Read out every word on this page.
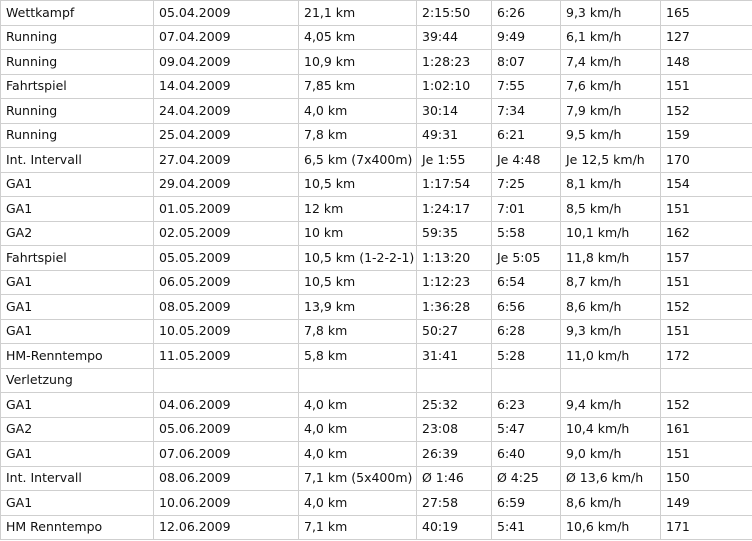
Wettkampf	05.04.2009	21,1 km	2:15:50	6:26	9,3 km/h	165
Running	07.04.2009	4,05 km	39:44	9:49	6,1 km/h	127
Running	09.04.2009	10,9 km	1:28:23	8:07	7,4 km/h	148
Fahrtspiel	14.04.2009	7,85 km	1:02:10	7:55	7,6 km/h	151
Running	24.04.2009	4,0 km	30:14	7:34	7,9 km/h	152
Running	25.04.2009	7,8 km	49:31	6:21	9,5 km/h	159
Int. Intervall	27.04.2009	6,5 km (7x400m)	Je 1:55	Je 4:48	Je 12,5 km/h	170
GA1	29.04.2009	10,5 km	1:17:54	7:25	8,1 km/h	154
GA1	01.05.2009	12 km	1:24:17	7:01	8,5 km/h	151
GA2	02.05.2009	10 km	59:35	5:58	10,1 km/h	162
Fahrtspiel	05.05.2009	10,5 km (1-2-2-1)	1:13:20	Je 5:05	11,8 km/h	157
GA1	06.05.2009	10,5 km	1:12:23	6:54	8,7 km/h	151
GA1	08.05.2009	13,9 km	1:36:28	6:56	8,6 km/h	152
GA1	10.05.2009	7,8 km	50:27	6:28	9,3 km/h	151
HM-Renntempo	11.05.2009	5,8 km	31:41	5:28	11,0 km/h	172
Verletzung						
GA1	04.06.2009	4,0 km	25:32	6:23	9,4 km/h	152
GA2	05.06.2009	4,0 km	23:08	5:47	10,4 km/h	161
GA1	07.06.2009	4,0 km	26:39	6:40	9,0 km/h	151
Int. Intervall	08.06.2009	7,1 km (5x400m)	Ø 1:46	Ø 4:25	Ø 13,6 km/h	150
GA1	10.06.2009	4,0 km	27:58	6:59	8,6 km/h	149
HM Renntempo	12.06.2009	7,1 km	40:19	5:41	10,6 km/h	171
